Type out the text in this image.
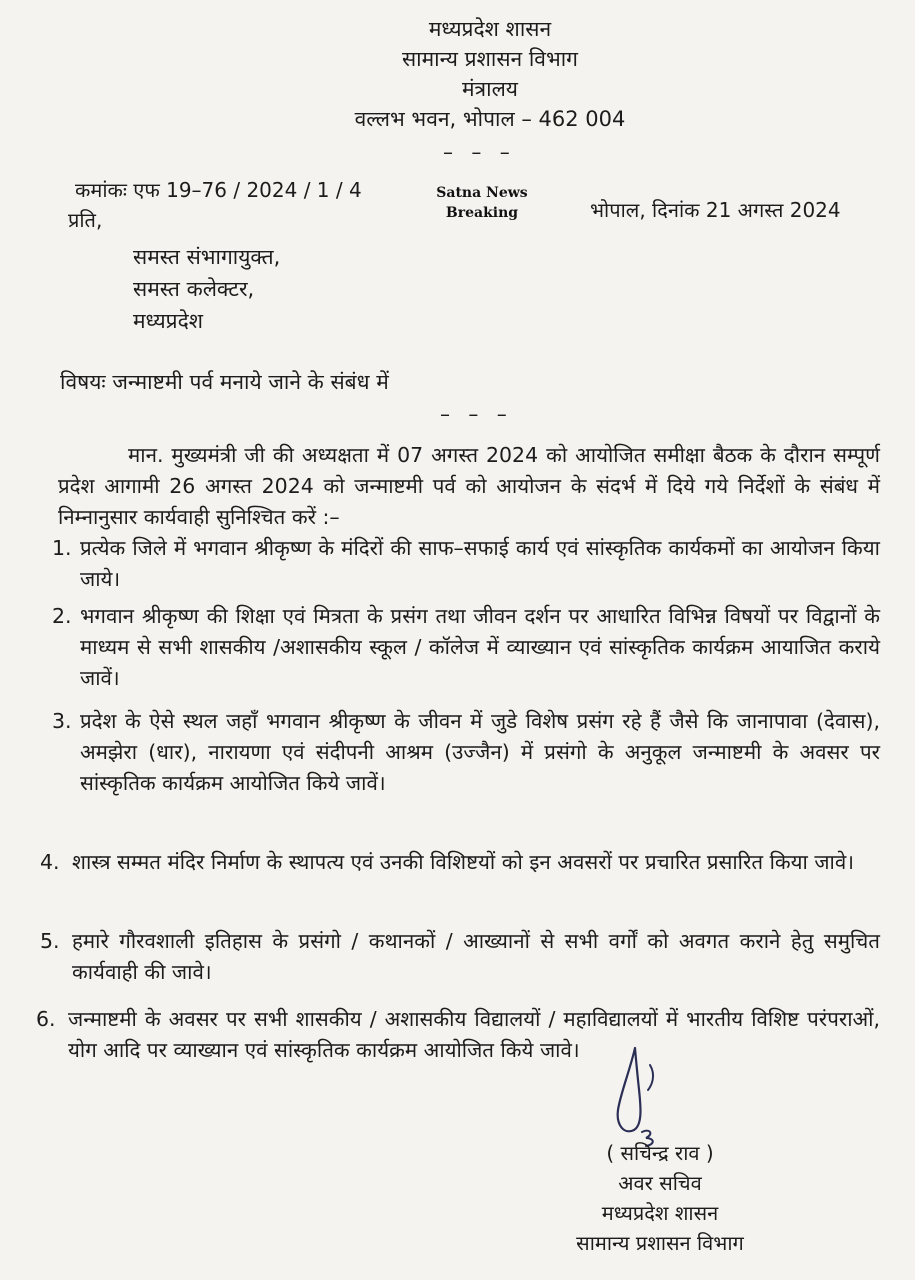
मध्यप्रदेश शासन
सामान्य प्रशासन विभाग
मंत्रालय
वल्लभ भवन, भोपाल – 462 004
– – –
कमांकः एफ 19–76 / 2024 / 1 / 4	Satna News
Breaking	भोपाल, दिनांक 21 अगस्त 2024
प्रति,
समस्त संभागायुक्त,
समस्त कलेक्टर,
मध्यप्रदेश
विषयः जन्माष्टमी पर्व मनाये जाने के संबंध में
– – –
मान. मुख्यमंत्री जी की अध्यक्षता में 07 अगस्त 2024 को आयोजित समीक्षा बैठक के दौरान सम्पूर्ण प्रदेश आगामी 26 अगस्त 2024 को जन्माष्टमी पर्व को आयोजन के संदर्भ में दिये गये निर्देशों के संबंध में निम्नानुसार कार्यवाही सुनिश्चित करें :–
1. प्रत्येक जिले में भगवान श्रीकृष्ण के मंदिरों की साफ–सफाई कार्य एवं सांस्कृतिक कार्यकमों का आयोजन किया जाये।
2. भगवान श्रीकृष्ण की शिक्षा एवं मित्रता के प्रसंग तथा जीवन दर्शन पर आधारित विभिन्न विषयों पर विद्वानों के माध्यम से सभी शासकीय /अशासकीय स्कूल / कॉलेज में व्याख्यान एवं सांस्कृतिक कार्यक्रम आयाजित कराये जावें।
3. प्रदेश के ऐसे स्थल जहाँ भगवान श्रीकृष्ण के जीवन में जुडे विशेष प्रसंग रहे हैं जैसे कि जानापावा (देवास), अमझेरा (धार), नारायणा एवं संदीपनी आश्रम (उज्जैन) में प्रसंगो के अनुकूल जन्माष्टमी के अवसर पर सांस्कृतिक कार्यक्रम आयोजित किये जावें।
4. शास्त्र सम्मत मंदिर निर्माण के स्थापत्य एवं उनकी विशिष्टयों को इन अवसरों पर प्रचारित प्रसारित किया जावे।
5. हमारे गौरवशाली इतिहास के प्रसंगो / कथानकों / आख्यानों से सभी वर्गों को अवगत कराने हेतु समुचित कार्यवाही की जावे।
6. जन्माष्टमी के अवसर पर सभी शासकीय / अशासकीय विद्यालयों / महाविद्यालयों में भारतीय विशिष्ट परंपराओं, योग आदि पर व्याख्यान एवं सांस्कृतिक कार्यक्रम आयोजित किये जावे।
( सचिन्द्र राव )
अवर सचिव
मध्यप्रदेश शासन
सामान्य प्रशासन विभाग
